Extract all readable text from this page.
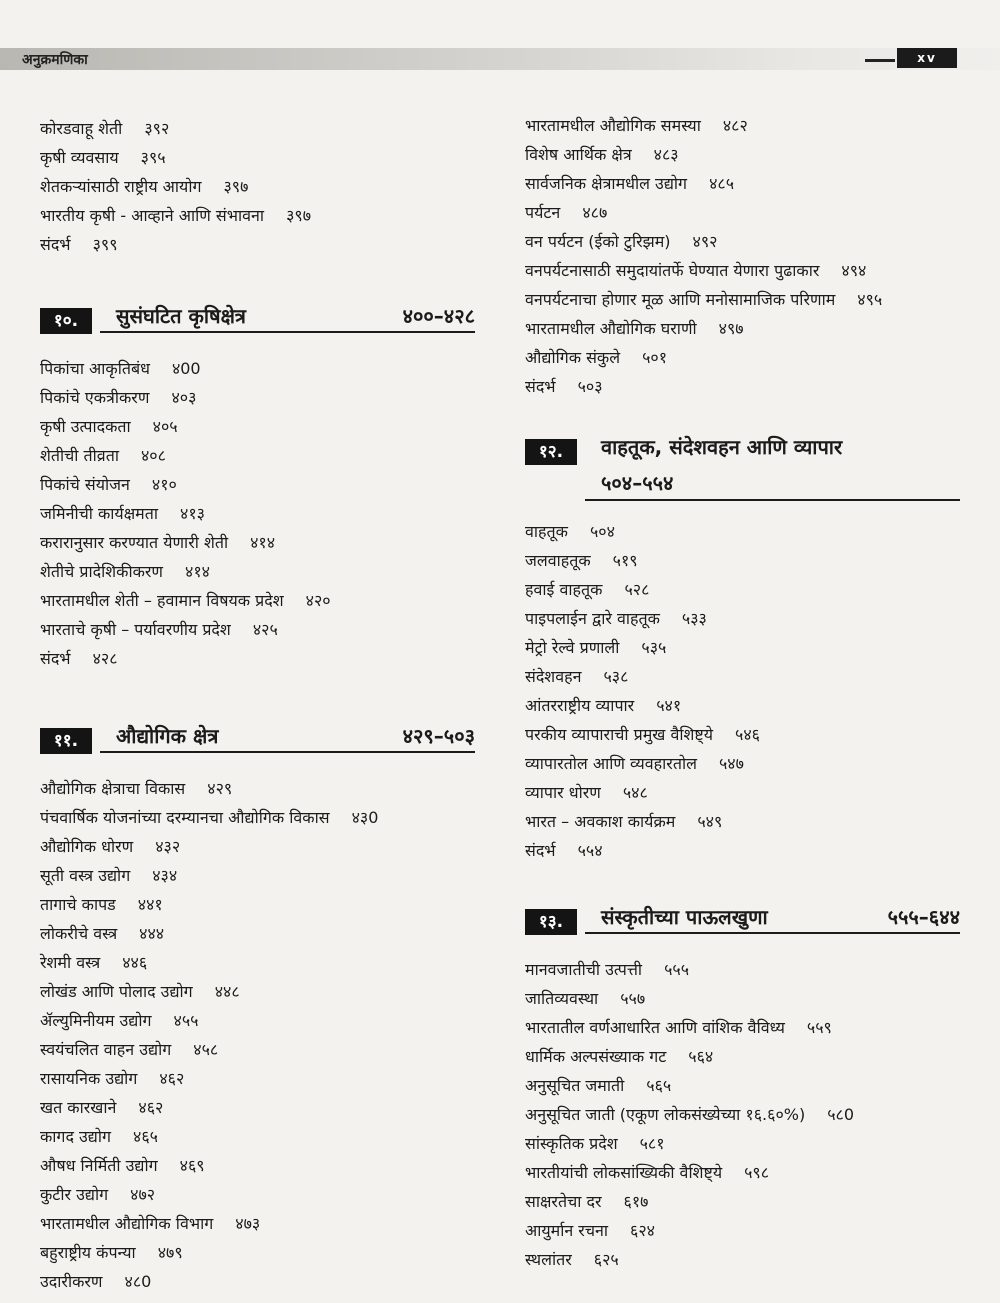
अनुक्रमणिका	xv
कोरडवाहू शेती ३९२
कृषी व्यवसाय ३९५
शेतकऱ्यांसाठी राष्ट्रीय आयोग ३९७
भारतीय कृषी - आव्हाने आणि संभावना ३९७
संदर्भ ३९९
१०.	सुसंघटित कृषिक्षेत्र	४००–४२८
पिकांचा आकृतिबंध ४00
पिकांचे एकत्रीकरण ४०३
कृषी उत्पादकता ४०५
शेतीची तीव्रता ४०८
पिकांचे संयोजन ४१०
जमिनीची कार्यक्षमता ४१३
करारानुसार करण्यात येणारी शेती ४१४
शेतीचे प्रादेशिकीकरण ४१४
भारतामधील शेती – हवामान विषयक प्रदेश ४२०
भारताचे कृषी – पर्यावरणीय प्रदेश ४२५
संदर्भ ४२८
११.	औद्योगिक क्षेत्र	४२९–५०३
औद्योगिक क्षेत्राचा विकास ४२९
पंचवार्षिक योजनांच्या दरम्यानचा औद्योगिक विकास ४३0
औद्योगिक धोरण ४३२
सूती वस्त्र उद्योग ४३४
तागाचे कापड ४४१
लोकरीचे वस्त्र ४४४
रेशमी वस्त्र ४४६
लोखंड आणि पोलाद उद्योग ४४८
ॲल्युमिनीयम उद्योग ४५५
स्वयंचलित वाहन उद्योग ४५८
रासायनिक उद्योग ४६२
खत कारखाने ४६२
कागद उद्योग ४६५
औषध निर्मिती उद्योग ४६९
कुटीर उद्योग ४७२
भारतामधील औद्योगिक विभाग ४७३
बहुराष्ट्रीय कंपन्या ४७९
उदारीकरण ४८0
भारतामधील औद्योगिक समस्या ४८२
विशेष आर्थिक क्षेत्र ४८३
सार्वजनिक क्षेत्रामधील उद्योग ४८५
पर्यटन ४८७
वन पर्यटन (ईको टुरिझम) ४९२
वनपर्यटनासाठी समुदायांतर्फे घेण्यात येणारा पुढाकार ४९४
वनपर्यटनाचा होणार मूळ आणि मनोसामाजिक परिणाम ४९५
भारतामधील औद्योगिक घराणी ४९७
औद्योगिक संकुले ५०१
संदर्भ ५०३
१२.	वाहतूक, संदेशवहन आणि व्यापार
५०४–५५४
वाहतूक ५०४
जलवाहतूक ५१९
हवाई वाहतूक ५२८
पाइपलाईन द्वारे वाहतूक ५३३
मेट्रो रेल्वे प्रणाली ५३५
संदेशवहन ५३८
आंतरराष्ट्रीय व्यापार ५४१
परकीय व्यापाराची प्रमुख वैशिष्ट्ये ५४६
व्यापारतोल आणि व्यवहारतोल ५४७
व्यापार धोरण ५४८
भारत – अवकाश कार्यक्रम ५४९
संदर्भ ५५४
१३.	संस्कृतीच्या पाऊलखुणा	५५५–६४४
मानवजातीची उत्पत्ती ५५५
जातिव्यवस्था ५५७
भारतातील वर्णआधारित आणि वांशिक वैविध्य ५५९
धार्मिक अल्पसंख्याक गट ५६४
अनुसूचित जमाती ५६५
अनुसूचित जाती (एकूण लोकसंख्येच्या १६.६०%) ५८0
सांस्कृतिक प्रदेश ५८१
भारतीयांची लोकसांख्यिकी वैशिष्ट्ये ५९८
साक्षरतेचा दर ६१७
आयुर्मान रचना ६२४
स्थलांतर ६२५
